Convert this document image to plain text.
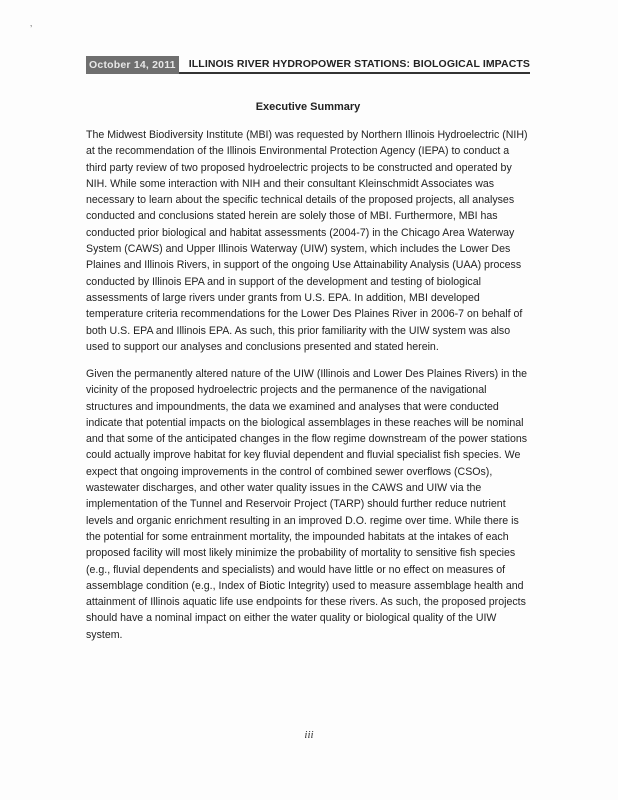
’
October 14, 2011	ILLINOIS RIVER HYDROPOWER STATIONS: BIOLOGICAL IMPACTS
Executive Summary
The Midwest Biodiversity Institute (MBI) was requested by Northern Illinois Hydroelectric (NIH) at the recommendation of the Illinois Environmental Protection Agency (IEPA) to conduct a third party review of two proposed hydroelectric projects to be constructed and operated by NIH. While some interaction with NIH and their consultant Kleinschmidt Associates was necessary to learn about the specific technical details of the proposed projects, all analyses conducted and conclusions stated herein are solely those of MBI. Furthermore, MBI has conducted prior biological and habitat assessments (2004-7) in the Chicago Area Waterway System (CAWS) and Upper Illinois Waterway (UIW) system, which includes the Lower Des Plaines and Illinois Rivers, in support of the ongoing Use Attainability Analysis (UAA) process conducted by Illinois EPA and in support of the development and testing of biological assessments of large rivers under grants from U.S. EPA. In addition, MBI developed temperature criteria recommendations for the Lower Des Plaines River in 2006-7 on behalf of both U.S. EPA and Illinois EPA. As such, this prior familiarity with the UIW system was also used to support our analyses and conclusions presented and stated herein.
Given the permanently altered nature of the UIW (Illinois and Lower Des Plaines Rivers) in the vicinity of the proposed hydroelectric projects and the permanence of the navigational structures and impoundments, the data we examined and analyses that were conducted indicate that potential impacts on the biological assemblages in these reaches will be nominal and that some of the anticipated changes in the flow regime downstream of the power stations could actually improve habitat for key fluvial dependent and fluvial specialist fish species. We expect that ongoing improvements in the control of combined sewer overflows (CSOs), wastewater discharges, and other water quality issues in the CAWS and UIW via the implementation of the Tunnel and Reservoir Project (TARP) should further reduce nutrient levels and organic enrichment resulting in an improved D.O. regime over time. While there is the potential for some entrainment mortality, the impounded habitats at the intakes of each proposed facility will most likely minimize the probability of mortality to sensitive fish species (e.g., fluvial dependents and specialists) and would have little or no effect on measures of assemblage condition (e.g., Index of Biotic Integrity) used to measure assemblage health and attainment of Illinois aquatic life use endpoints for these rivers. As such, the proposed projects should have a nominal impact on either the water quality or biological quality of the UIW system.
iii
